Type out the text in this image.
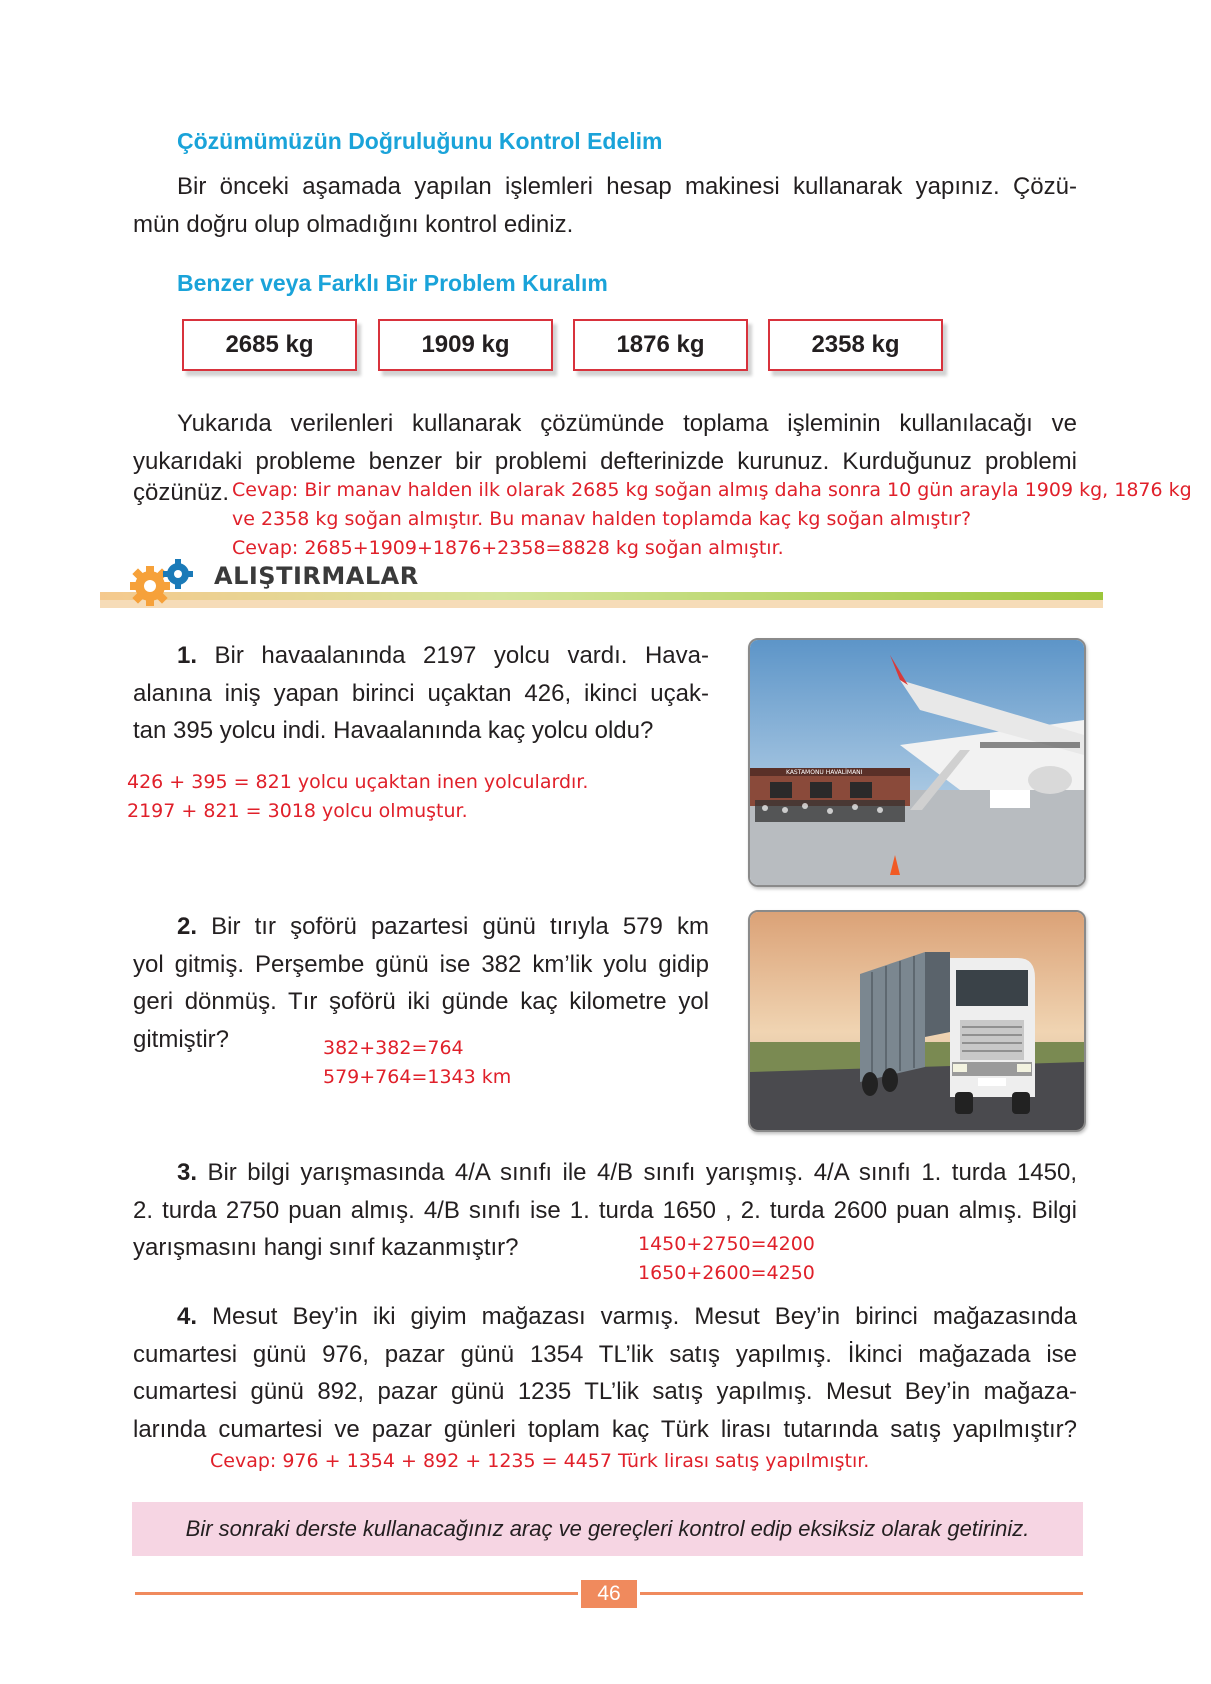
Çözümümüzün Doğruluğunu Kontrol Edelim
Bir önceki aşamada yapılan işlemleri hesap makinesi kullanarak yapınız. Çözü-
mün doğru olup olmadığını kontrol ediniz.
Benzer veya Farklı Bir Problem Kuralım
2685 kg	1909 kg	1876 kg	2358 kg
Yukarıda verilenleri kullanarak çözümünde toplama işleminin kullanılacağı ve
yukarıdaki probleme benzer bir problemi defterinizde kurunuz. Kurduğunuz problemi
çözünüz. Cevap: Bir manav halden ilk olarak 2685 kg soğan almış daha sonra 10 gün arayla 1909 kg, 1876 kg
ve 2358 kg soğan almıştır. Bu manav halden toplamda kaç kg soğan almıştır?
Cevap: 2685+1909+1876+2358=8828 kg soğan almıştır.
ALIŞTIRMALAR
1. Bir havaalanında 2197 yolcu vardı. Hava-
alanına iniş yapan birinci uçaktan 426, ikinci uçak-
tan 395 yolcu indi. Havaalanında kaç yolcu oldu?
426 + 395 = 821 yolcu uçaktan inen yolculardır.
2197 + 821 = 3018 yolcu olmuştur.
KASTAMONU HAVALİMANI
2. Bir tır şoförü pazartesi günü tırıyla 579 km
yol gitmiş. Perşembe günü ise 382 km’lik yolu gidip
geri dönmüş. Tır şoförü iki günde kaç kilometre yol
gitmiştir?	382+382=764
579+764=1343 km
3. Bir bilgi yarışmasında 4/A sınıfı ile 4/B sınıfı yarışmış. 4/A sınıfı 1. turda 1450,
2. turda 2750 puan almış. 4/B sınıfı ise 1. turda 1650 , 2. turda 2600 puan almış. Bilgi
yarışmasını hangi sınıf kazanmıştır?	1450+2750=4200
1650+2600=4250
4. Mesut Bey’in iki giyim mağazası varmış. Mesut Bey’in birinci mağazasında
cumartesi günü 976, pazar günü 1354 TL’lik satış yapılmış. İkinci mağazada ise
cumartesi günü 892, pazar günü 1235 TL’lik satış yapılmış. Mesut Bey’in mağaza-
larında cumartesi ve pazar günleri toplam kaç Türk lirası tutarında satış yapılmıştır?
Cevap: 976 + 1354 + 892 + 1235 = 4457 Türk lirası satış yapılmıştır.
Bir sonraki derste kullanacağınız araç ve gereçleri kontrol edip eksiksiz olarak getiriniz.
46
